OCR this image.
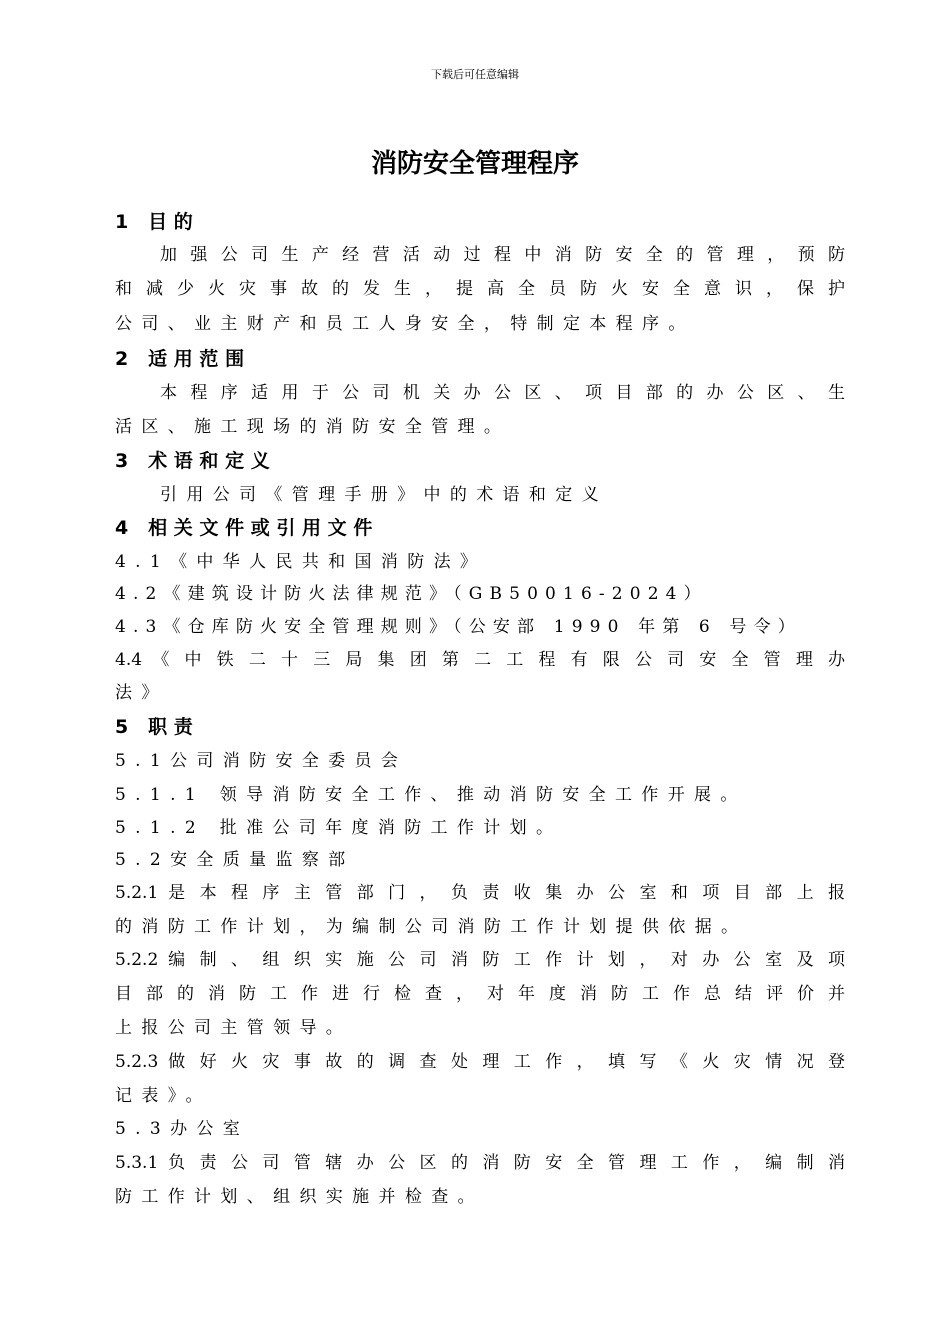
下载后可任意编辑
消防安全管理程序
1 目的
加 强 公 司 生 产 经 营 活 动 过 程 中 消 防 安 全 的 管 理 ， 预 防
和 减 少 火 灾 事 故 的 发 生 ， 提 高 全 员 防 火 安 全 意 识 ， 保 护
公司、业主财产和员工人身安全，特制定本程序。
2 适用范围
本 程 序 适 用 于 公 司 机 关 办 公 区 、 项 目 部 的 办 公 区 、 生
活区、施工现场的消防安全管理。
3 术语和定义
引用公司《管理手册》中的术语和定义
4 相关文件或引用文件
4.1《中华人民共和国消防法》
4.2《建筑设计防火法律规范》（GB50016-2024）
4.3《仓库防火安全管理规则》（公安部 1990 年第 6 号令）
4.4 《 中 铁 二 十 三 局 集 团 第 二 工 程 有 限 公 司 安 全 管 理 办
法》
5 职责
5.1公司消防安全委员会
5.1.1 领导消防安全工作、推动消防安全工作开展。
5.1.2 批准公司年度消防工作计划。
5.2安全质量监察部
5.2.1 是 本 程 序 主 管 部 门 ， 负 责 收 集 办 公 室 和 项 目 部 上 报
的消防工作计划，为编制公司消防工作计划提供依据。
5.2.2 编 制 、 组 织 实 施 公 司 消 防 工 作 计 划 ， 对 办 公 室 及 项
目 部 的 消 防 工 作 进 行 检 查 ， 对 年 度 消 防 工 作 总 结 评 价 并
上报公司主管领导。
5.2.3 做 好 火 灾 事 故 的 调 查 处 理 工 作 ， 填 写 《 火 灾 情 况 登
记表》。
5.3办公室
5.3.1 负 责 公 司 管 辖 办 公 区 的 消 防 安 全 管 理 工 作 ， 编 制 消
防工作计划、组织实施并检查。
